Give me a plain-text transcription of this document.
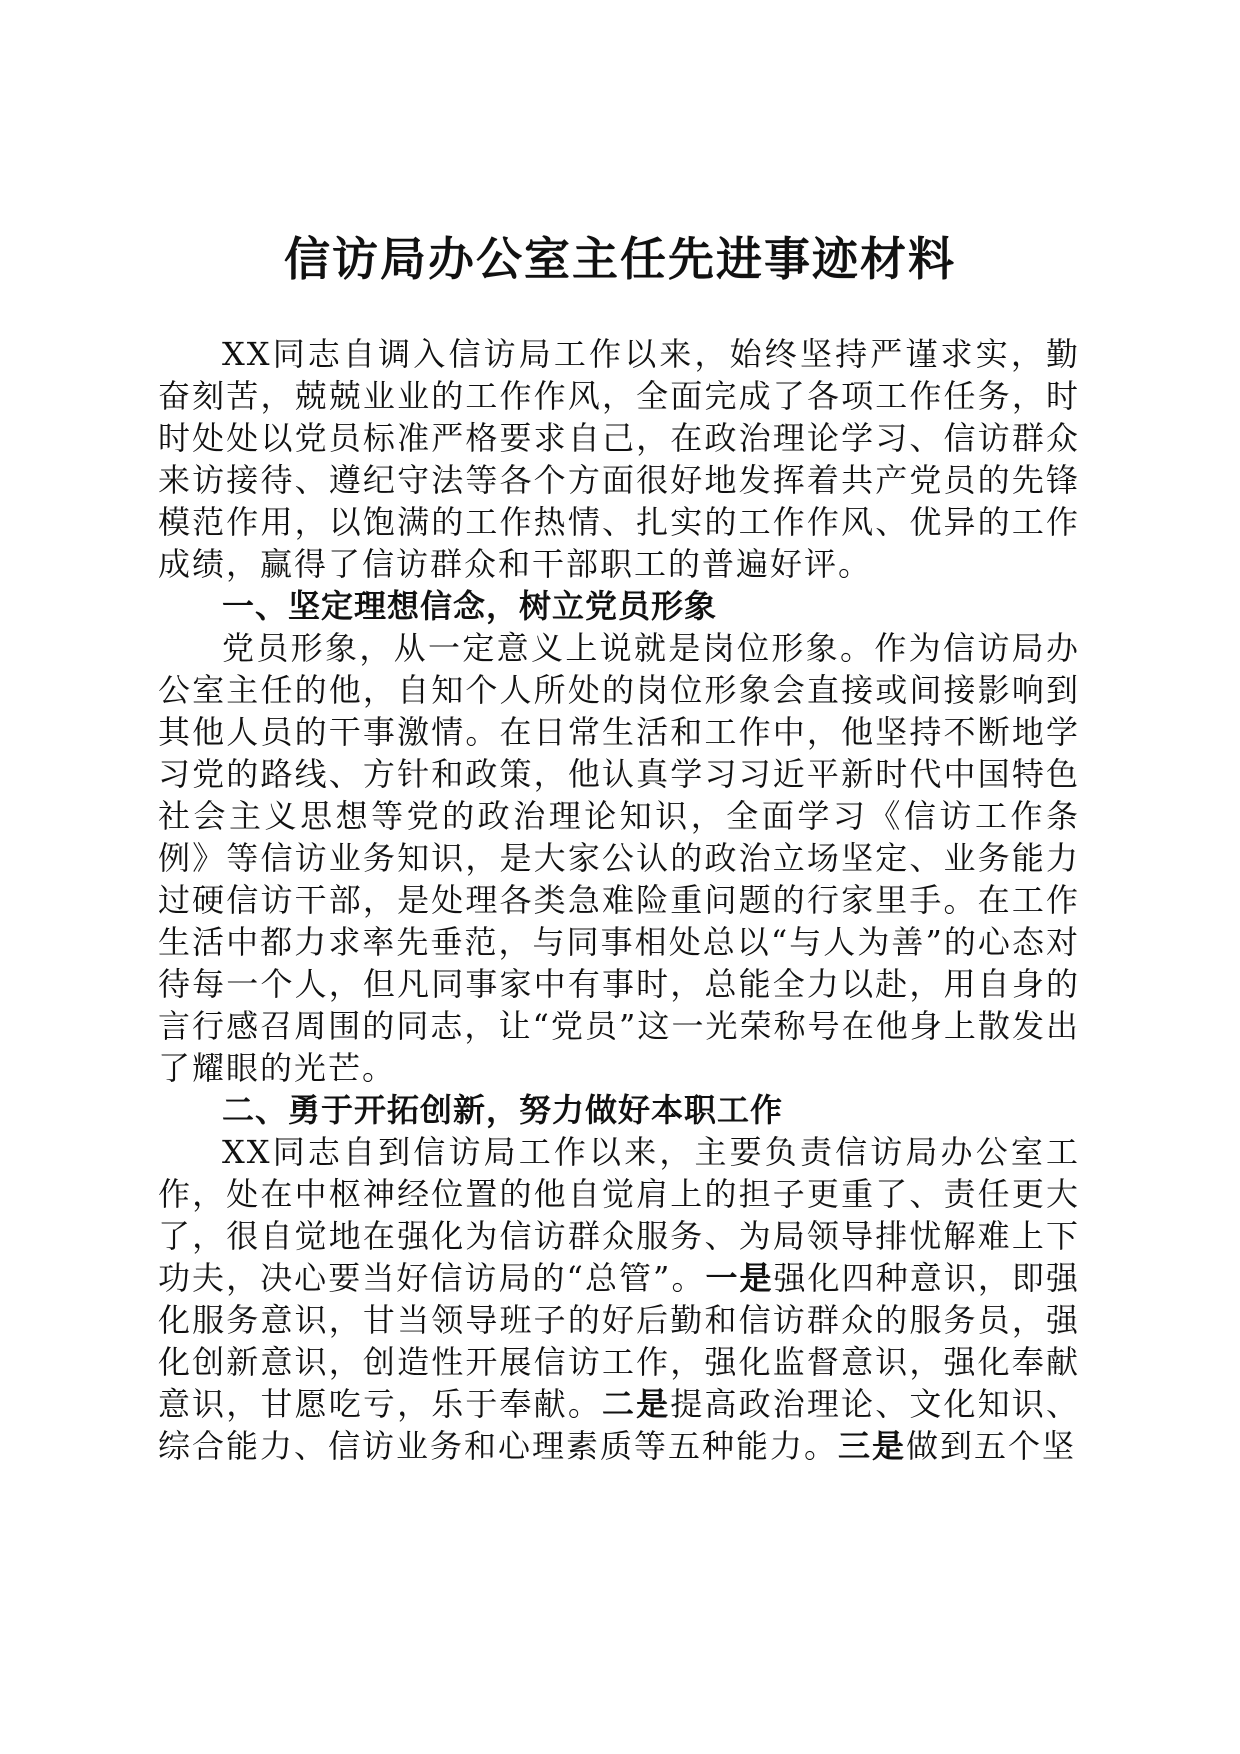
信访局办公室主任先进事迹材料

XX同志自调入信访局工作以来，始终坚持严谨求实，勤奋刻苦，兢兢业业的工作作风，全面完成了各项工作任务，时时处处以党员标准严格要求自己，在政治理论学习、信访群众来访接待、遵纪守法等各个方面很好地发挥着共产党员的先锋模范作用，以饱满的工作热情、扎实的工作作风、优异的工作成绩，赢得了信访群众和干部职工的普遍好评。

一、坚定理想信念，树立党员形象

党员形象，从一定意义上说就是岗位形象。作为信访局办公室主任的他，自知个人所处的岗位形象会直接或间接影响到其他人员的干事激情。在日常生活和工作中，他坚持不断地学习党的路线、方针和政策，他认真学习习近平新时代中国特色社会主义思想等党的政治理论知识，全面学习《信访工作条例》等信访业务知识，是大家公认的政治立场坚定、业务能力过硬信访干部，是处理各类急难险重问题的行家里手。在工作生活中都力求率先垂范，与同事相处总以“与人为善”的心态对待每一个人，但凡同事家中有事时，总能全力以赴，用自身的言行感召周围的同志，让“党员”这一光荣称号在他身上散发出了耀眼的光芒。

二、勇于开拓创新，努力做好本职工作

XX同志自到信访局工作以来，主要负责信访局办公室工作，处在中枢神经位置的他自觉肩上的担子更重了、责任更大了，很自觉地在强化为信访群众服务、为局领导排忧解难上下功夫，决心要当好信访局的“总管”。一是强化四种意识，即强化服务意识，甘当领导班子的好后勤和信访群众的服务员，强化创新意识，创造性开展信访工作，强化监督意识，强化奉献意识，甘愿吃亏，乐于奉献。二是提高政治理论、文化知识、综合能力、信访业务和心理素质等五种能力。三是做到五个坚
